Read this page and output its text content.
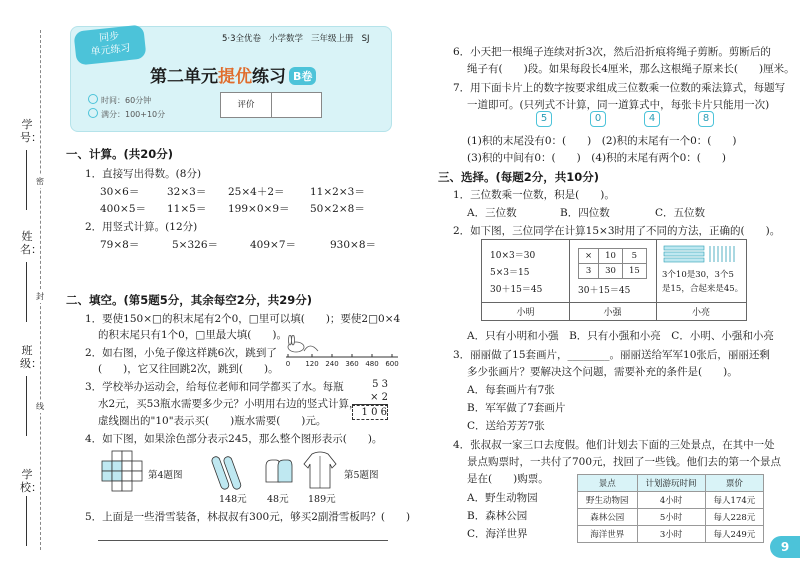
学号：
姓名：
班级：
学校：
密
封
线
同步
单元练习
5·3全优卷 小学数学 三年级上册 SJ
第二单元提优练习 B卷
时间：60分钟
满分：100+10分
评价
一、计算。(共20分)
1．直接写出得数。(8分)
30×6＝	32×3＝ 25×4＋2＝ 11×2×3＝
400×5＝ 11×5＝ 199×0×9＝ 50×2×8＝
2．用竖式计算。(12分)
79×8＝	5×326＝	409×7＝	930×8＝
二、填空。(第5题5分，其余每空2分，共29分)
1．要使150×□的积末尾有2个0，□里可以填(　　)；要使2□0×4
的积末尾只有1个0，□里最大填(　　)。
2．如右图，小兔子像这样跳6次，跳到了
(　　)，它又往回跳2次，跳到(　　)。 0 120 240 360 480 600
3．学校举办运动会，给每位老师和同学都买了水。每瓶
水2元，买53瓶水需要多少元？小明用右边的竖式计算，
虚线圈出的"10"表示买(　　)瓶水需要(　　)元。
5 3
× 2
1 0 6
4．如下图，如果涂色部分表示245，那么整个图形表示(　　)。
第4题图	第5题图
148元 48元 189元
5．上面是一些滑雪装备，林叔叔有300元，够买2副滑雪板吗？(　　)
6．小天把一根绳子连续对折3次，然后沿折痕将绳子剪断。剪断后的
绳子有(　　)段。如果每段长4厘米，那么这根绳子原来长(　　)厘米。
7．用下面卡片上的数字按要求组成三位数乘一位数的乘法算式，每题写
一道即可。(只列式不计算，同一道算式中，每张卡片只能用一次)
5	0	4	8
(1)积的末尾没有0：(　　)　(2)积的末尾有一个0：(　　)
(3)积的中间有0：(　　)　(4)积的末尾有两个0：(　　)
三、选择。(每题2分，共10分)
1．三位数乘一位数，积是(　　)。
A．三位数	B．四位数	C．五位数
2．如下图，三位同学在计算15×3时用了不同的方法，正确的(　　)。
10×3＝30
5×3＝15
30＋15＝45
×	10	5
3	30	15
30＋15＝45
3个10是30，3个5
是15，合起来是45。
小明	小强	小亮
A．只有小明和小强　B．只有小强和小亮　C．小明、小强和小亮
3．丽丽做了15套画片，________。丽丽送给军军10张后，丽丽还剩
多少张画片？要解决这个问题，需要补充的条件是(　　)。
A．每套画片有7张
B．军军做了7套画片
C．送给芳芳7张
4．张叔叔一家三口去度假。他们计划去下面的三处景点，在其中一处
景点购票时，一共付了700元，找回了一些钱。他们去的第一个景点
是在(　　)购票。
A．野生动物园
B．森林公园
C．海洋世界
景点	计划游玩时间	票价
野生动物园	4小时	每人174元
森林公园	5小时	每人228元
海洋世界	3小时	每人249元
9
